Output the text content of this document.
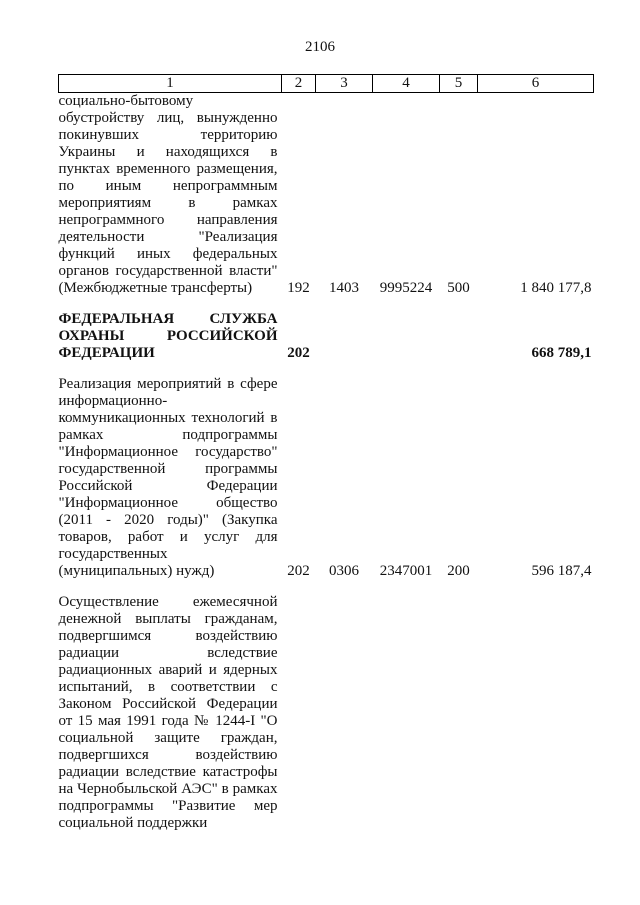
2106
1	2	3	4	5	6
социально-бытовому обустройству лиц, вынужденно покинувших территорию Украины и находящихся в пунктах временного размещения, по иным непрограммным мероприятиям в рамках непрограммного направления деятельности "Реализация функций иных федеральных органов государственной власти" (Межбюджетные трансферты)	192	1403	9995224	500	1 840 177,8

ФЕДЕРАЛЬНАЯ СЛУЖБА ОХРАНЫ РОССИЙСКОЙ ФЕДЕРАЦИИ	202				668 789,1

Реализация мероприятий в сфере информационно-коммуникационных технологий в рамках подпрограммы "Информационное государство" государственной программы Российской Федерации "Информационное общество (2011 - 2020 годы)" (Закупка товаров, работ и услуг для государственных (муниципальных) нужд)	202	0306	2347001	200	596 187,4

Осуществление ежемесячной денежной выплаты гражданам, подвергшимся воздействию радиации вследствие радиационных аварий и ядерных испытаний, в соответствии с Законом Российской Федерации от 15 мая 1991 года № 1244-I "О социальной защите граждан, подвергшихся воздействию радиации вследствие катастрофы на Чернобыльской АЭС" в рамках подпрограммы "Развитие мер социальной поддержки					
